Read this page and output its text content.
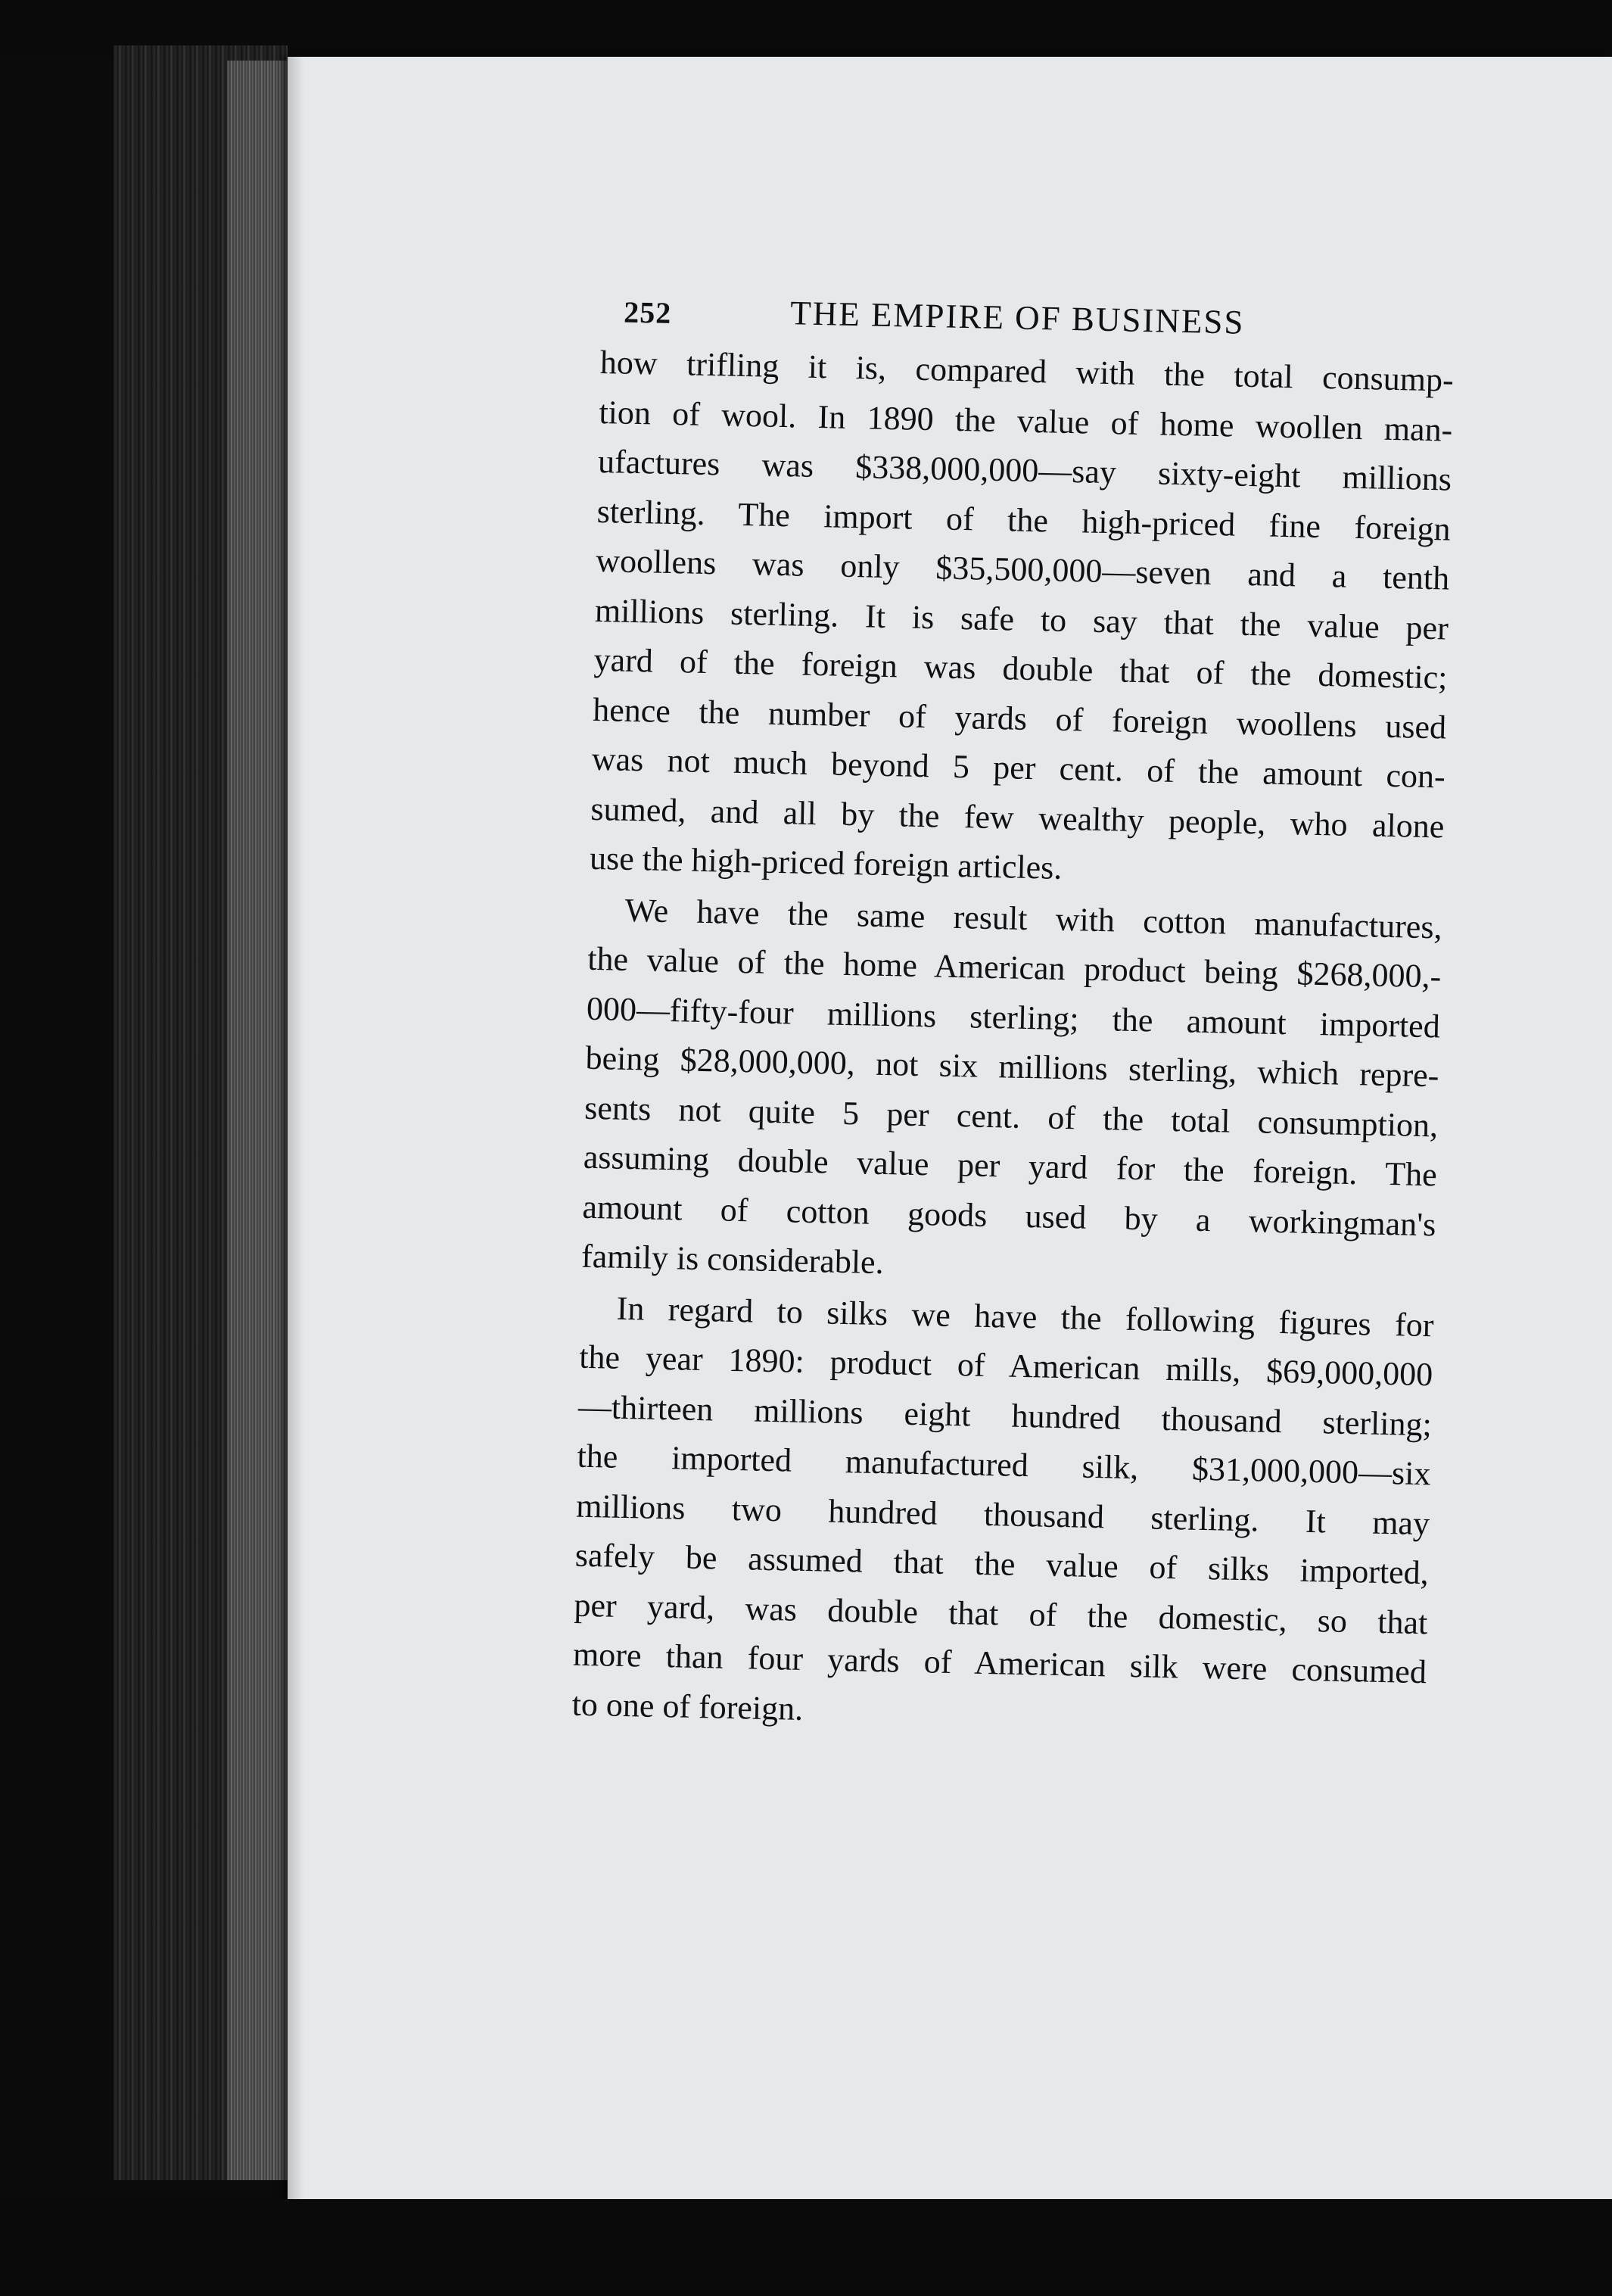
252	THE EMPIRE OF BUSINESS

how trifling it is, compared with the total consump-
tion of wool. In 1890 the value of home woollen man-
ufactures was $338,000,000—say sixty-eight millions
sterling. The import of the high-priced fine foreign
woollens was only $35,500,000—seven and a tenth
millions sterling. It is safe to say that the value per
yard of the foreign was double that of the domestic;
hence the number of yards of foreign woollens used
was not much beyond 5 per cent. of the amount con-
sumed, and all by the few wealthy people, who alone
use the high-priced foreign articles.

We have the same result with cotton manufactures,
the value of the home American product being $268,000,-
000—fifty-four millions sterling; the amount imported
being $28,000,000, not six millions sterling, which repre-
sents not quite 5 per cent. of the total consumption,
assuming double value per yard for the foreign. The
amount of cotton goods used by a workingman's
family is considerable.

In regard to silks we have the following figures for
the year 1890: product of American mills, $69,000,000
—thirteen millions eight hundred thousand sterling;
the imported manufactured silk, $31,000,000—six
millions two hundred thousand sterling. It may
safely be assumed that the value of silks imported,
per yard, was double that of the domestic, so that
more than four yards of American silk were consumed
to one of foreign.
